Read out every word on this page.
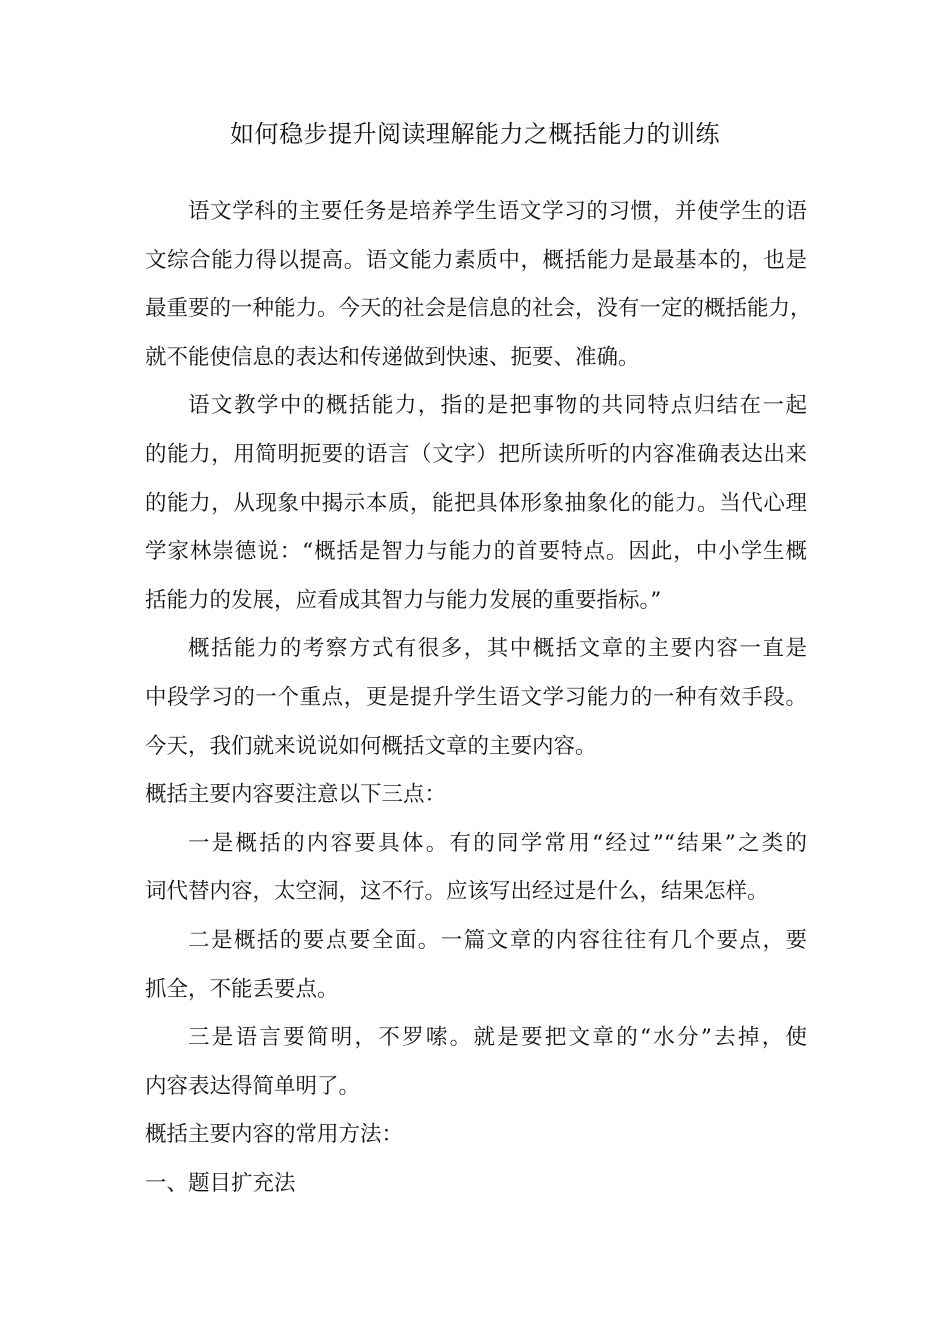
如何稳步提升阅读理解能力之概括能力的训练
语文学科的主要任务是培养学生语文学习的习惯，并使学生的语
文综合能力得以提高。语文能力素质中，概括能力是最基本的，也是
最重要的一种能力。今天的社会是信息的社会，没有一定的概括能力，
就不能使信息的表达和传递做到快速、扼要、准确。
语文教学中的概括能力，指的是把事物的共同特点归结在一起
的能力，用简明扼要的语言（文字）把所读所听的内容准确表达出来
的能力，从现象中揭示本质，能把具体形象抽象化的能力。当代心理
学家林崇德说：“概括是智力与能力的首要特点。因此，中小学生概
括能力的发展，应看成其智力与能力发展的重要指标。”
概括能力的考察方式有很多，其中概括文章的主要内容一直是
中段学习的一个重点，更是提升学生语文学习能力的一种有效手段。
今天，我们就来说说如何概括文章的主要内容。
概括主要内容要注意以下三点：
一是概括的内容要具体。有的同学常用“经过”“结果”之类的
词代替内容，太空洞，这不行。应该写出经过是什么，结果怎样。
二是概括的要点要全面。一篇文章的内容往往有几个要点，要
抓全，不能丢要点。
三是语言要简明，不罗嗦。就是要把文章的“水分”去掉，使
内容表达得简单明了。
概括主要内容的常用方法：
一、题目扩充法
